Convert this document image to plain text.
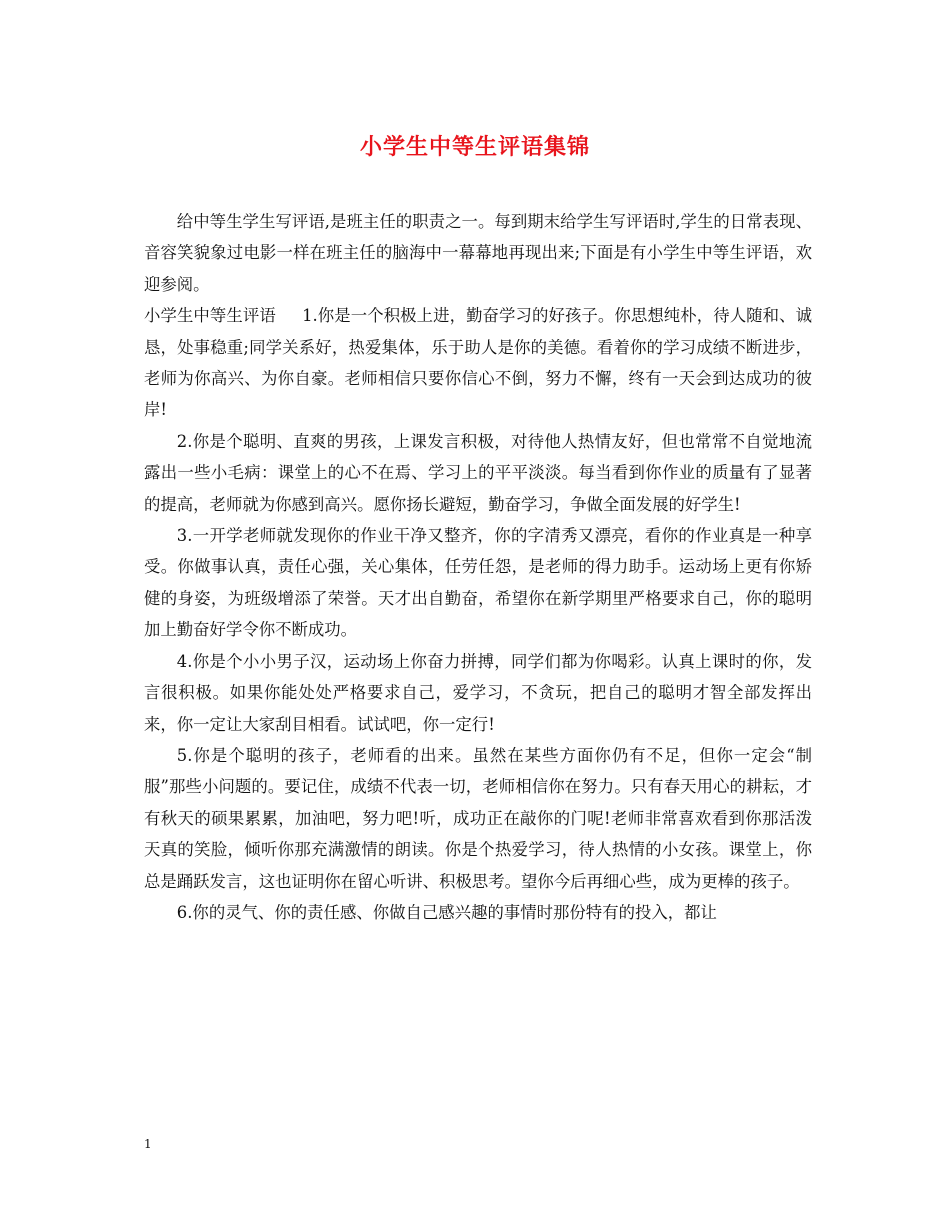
小学生中等生评语集锦

给中等生学生写评语,是班主任的职责之一。每到期末给学生写评语时,学生的日常表现、音容笑貌象过电影一样在班主任的脑海中一幕幕地再现出来;下面是有小学生中等生评语，欢迎参阅。

小学生中等生评语 1.你是一个积极上进，勤奋学习的好孩子。你思想纯朴，待人随和、诚恳，处事稳重;同学关系好，热爱集体，乐于助人是你的美德。看着你的学习成绩不断进步，老师为你高兴、为你自豪。老师相信只要你信心不倒，努力不懈，终有一天会到达成功的彼岸!

2.你是个聪明、直爽的男孩，上课发言积极，对待他人热情友好，但也常常不自觉地流露出一些小毛病：课堂上的心不在焉、学习上的平平淡淡。每当看到你作业的质量有了显著的提高，老师就为你感到高兴。愿你扬长避短，勤奋学习，争做全面发展的好学生!

3.一开学老师就发现你的作业干净又整齐，你的字清秀又漂亮，看你的作业真是一种享受。你做事认真，责任心强，关心集体，任劳任怨，是老师的得力助手。运动场上更有你矫健的身姿，为班级增添了荣誉。天才出自勤奋，希望你在新学期里严格要求自己，你的聪明加上勤奋好学令你不断成功。

4.你是个小小男子汉，运动场上你奋力拼搏，同学们都为你喝彩。认真上课时的你，发言很积极。如果你能处处严格要求自己，爱学习，不贪玩，把自己的聪明才智全部发挥出来，你一定让大家刮目相看。试试吧，你一定行!

5.你是个聪明的孩子，老师看的出来。虽然在某些方面你仍有不足，但你一定会“制服”那些小问题的。要记住，成绩不代表一切，老师相信你在努力。只有春天用心的耕耘，才有秋天的硕果累累，加油吧，努力吧!听，成功正在敲你的门呢!老师非常喜欢看到你那活泼天真的笑脸，倾听你那充满激情的朗读。你是个热爱学习，待人热情的小女孩。课堂上，你总是踊跃发言，这也证明你在留心听讲、积极思考。望你今后再细心些，成为更棒的孩子。

6.你的灵气、你的责任感、你做自己感兴趣的事情时那份特有的投入，都让

1
